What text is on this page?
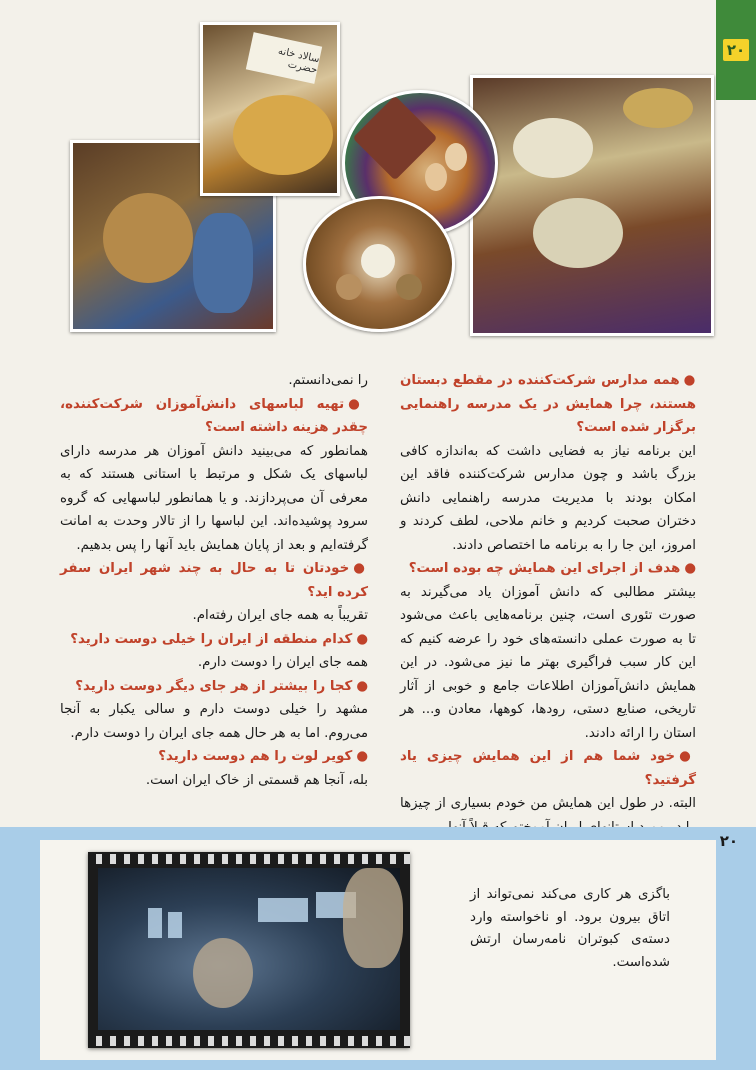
۲۰
سالاد خانه حضرت

●همه مدارس شرکت‌کننده در مقطع دبستان هستند، چرا همایش در یک مدرسه راهنمایی برگزار شده است؟

این برنامه نیاز به فضایی داشت که به‌اندازه کافی بزرگ باشد و چون مدارس شرکت‌کننده فاقد این امکان بودند با مدیریت مدرسه راهنمایی دانش دختران صحبت کردیم و خانم ملاحی، لطف کردند و امروز، این جا را به برنامه ما اختصاص دادند.

●هدف از اجرای این همایش چه بوده است؟

بیشتر مطالبی که دانش آموزان یاد می‌گیرند به صورت تئوری است، چنین برنامه‌هایی باعث می‌شود تا به صورت عملی دانسته‌های خود را عرضه کنیم که این کار سبب فراگیری بهتر ما نیز می‌شود. در این همایش دانش‌آموزان اطلاعات جامع و خوبی از آثار تاریخی، صنایع دستی، رودها، کوهها، معادن و... هر استان را ارائه دادند.

●خود شما هم از این همایش چیزی یاد گرفتید؟

البته. در طول این همایش من خودم بسیاری از چیزها

را نمی‌دانستم.

●تهیه لباسهای دانش‌آموزان شرکت‌کننده، چقدر هزینه داشته است؟

همانطور که می‌بینید دانش آموزان هر مدرسه دارای لباسهای یک شکل و مرتبط با استانی هستند که به معرفی آن می‌پردازند. و یا همانطور لباسهایی که گروه سرود پوشیده‌اند. این لباسها را از تالار وحدت به امانت گرفته‌ایم و بعد از پایان همایش باید آنها را پس بدهیم.

●خودتان تا به حال به چند شهر ایران سفر کرده اید؟

تقریباً به همه جای ایران رفته‌ام.

●کدام منطقه از ایران را خیلی دوست دارید؟

همه جای ایران را دوست دارم.

●کجا را بیشتر از هر جای دیگر دوست دارید؟

مشهد را خیلی دوست دارم و سالی یکبار به آنجا می‌روم. اما به هر حال همه جای ایران را دوست دارم.

●کویر لوت را هم دوست دارید؟

بله، آنجا هم قسمتی از خاک ایران است.

۲۰
باگزی هر کاری می‌کند نمی‌تواند از اتاق بیرون برود. او ناخواسته وارد دسته‌ی کبوتران نامه‌رسان ارتش شده‌است.
